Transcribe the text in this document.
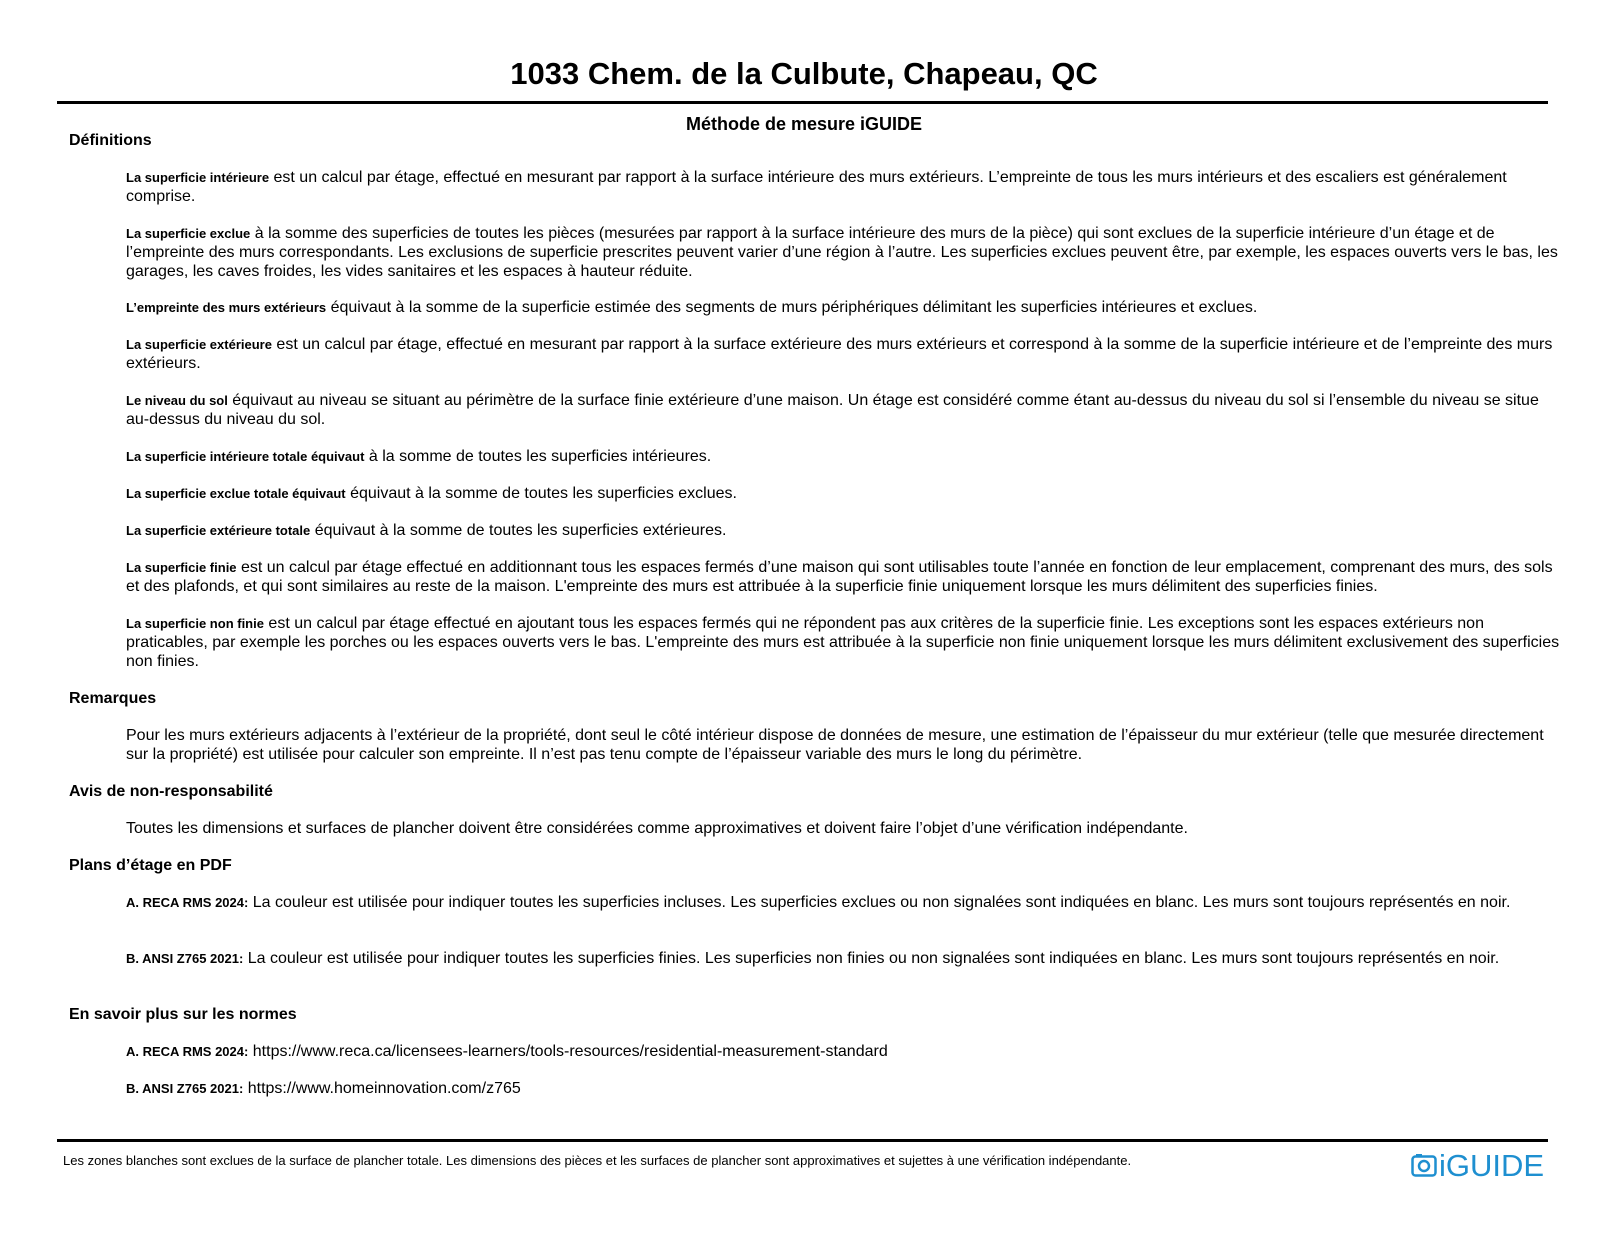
1033 Chem. de la Culbute, Chapeau, QC
Méthode de mesure iGUIDE
Définitions
La superficie intérieure est un calcul par étage, effectué en mesurant par rapport à la surface intérieure des murs extérieurs. L’empreinte de tous les murs intérieurs et des escaliers est généralement comprise.
La superficie exclue à la somme des superficies de toutes les pièces (mesurées par rapport à la surface intérieure des murs de la pièce) qui sont exclues de la superficie intérieure d’un étage et de l’empreinte des murs correspondants. Les exclusions de superficie prescrites peuvent varier d’une région à l’autre. Les superficies exclues peuvent être, par exemple, les espaces ouverts vers le bas, les garages, les caves froides, les vides sanitaires et les espaces à hauteur réduite.
L’empreinte des murs extérieurs équivaut à la somme de la superficie estimée des segments de murs périphériques délimitant les superficies intérieures et exclues.
La superficie extérieure est un calcul par étage, effectué en mesurant par rapport à la surface extérieure des murs extérieurs et correspond à la somme de la superficie intérieure et de l’empreinte des murs extérieurs.
Le niveau du sol équivaut au niveau se situant au périmètre de la surface finie extérieure d’une maison. Un étage est considéré comme étant au-dessus du niveau du sol si l’ensemble du niveau se situe au-dessus du niveau du sol.
La superficie intérieure totale équivaut à la somme de toutes les superficies intérieures.
La superficie exclue totale équivaut équivaut à la somme de toutes les superficies exclues.
La superficie extérieure totale équivaut à la somme de toutes les superficies extérieures.
La superficie finie est un calcul par étage effectué en additionnant tous les espaces fermés d’une maison qui sont utilisables toute l’année en fonction de leur emplacement, comprenant des murs, des sols et des plafonds, et qui sont similaires au reste de la maison. L'empreinte des murs est attribuée à la superficie finie uniquement lorsque les murs délimitent des superficies finies.
La superficie non finie est un calcul par étage effectué en ajoutant tous les espaces fermés qui ne répondent pas aux critères de la superficie finie. Les exceptions sont les espaces extérieurs non praticables, par exemple les porches ou les espaces ouverts vers le bas. L'empreinte des murs est attribuée à la superficie non finie uniquement lorsque les murs délimitent exclusivement des superficies non finies.
Remarques
Pour les murs extérieurs adjacents à l’extérieur de la propriété, dont seul le côté intérieur dispose de données de mesure, une estimation de l’épaisseur du mur extérieur (telle que mesurée directement sur la propriété) est utilisée pour calculer son empreinte. Il n’est pas tenu compte de l’épaisseur variable des murs le long du périmètre.
Avis de non-responsabilité
Toutes les dimensions et surfaces de plancher doivent être considérées comme approximatives et doivent faire l’objet d’une vérification indépendante.
Plans d’étage en PDF
A. RECA RMS 2024: La couleur est utilisée pour indiquer toutes les superficies incluses. Les superficies exclues ou non signalées sont indiquées en blanc. Les murs sont toujours représentés en noir.
B. ANSI Z765 2021: La couleur est utilisée pour indiquer toutes les superficies finies. Les superficies non finies ou non signalées sont indiquées en blanc. Les murs sont toujours représentés en noir.
En savoir plus sur les normes
A. RECA RMS 2024: https://www.reca.ca/licensees-learners/tools-resources/residential-measurement-standard
B. ANSI Z765 2021: https://www.homeinnovation.com/z765
Les zones blanches sont exclues de la surface de plancher totale. Les dimensions des pièces et les surfaces de plancher sont approximatives et sujettes à une vérification indépendante.	iGUIDE
